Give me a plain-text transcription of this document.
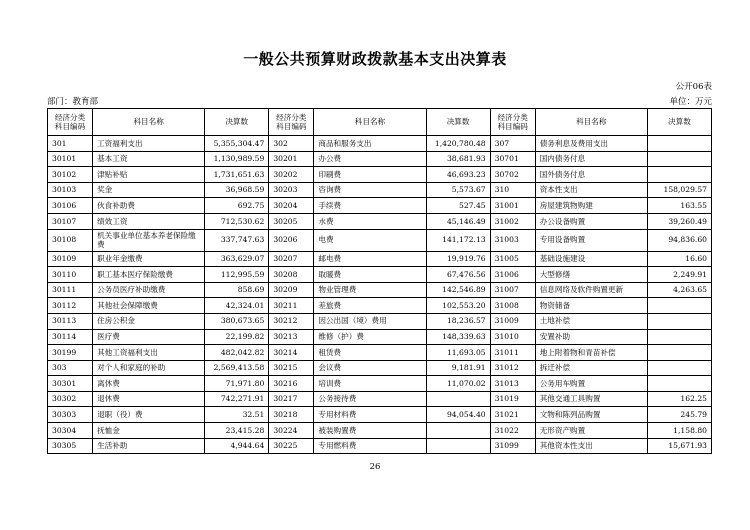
一般公共预算财政拨款基本支出决算表
公开06表
部门：教育部	单位：万元
经济分类
科目编码	科目名称	决算数	经济分类
科目编码	科目名称	决算数	经济分类
科目编码	科目名称	决算数
301	工资福利支出	5,355,304.47	302	商品和服务支出	1,420,780.48	307	债务利息及费用支出	
30101	基本工资	1,130,989.59	30201	办公费	38,681.93	30701	国内债务付息	
30102	津贴补贴	1,731,651.63	30202	印刷费	46,693.23	30702	国外债务付息	
30103	奖金	36,968.59	30203	咨询费	5,573.67	310	资本性支出	158,029.57
30106	伙食补助费	692.75	30204	手续费	527.45	31001	房屋建筑物购建	163.55
30107	绩效工资	712,530.62	30205	水费	45,146.49	31002	办公设备购置	39,260.49
30108	机关事业单位基本养老保险缴费	337,747.63	30206	电费	141,172.13	31003	专用设备购置	94,836.60
30109	职业年金缴费	363,629.07	30207	邮电费	19,919.76	31005	基础设施建设	16.60
30110	职工基本医疗保险缴费	112,995.59	30208	取暖费	67,476.56	31006	大型修缮	2,249.91
30111	公务员医疗补助缴费	858.69	30209	物业管理费	142,546.89	31007	信息网络及软件购置更新	4,263.65
30112	其他社会保障缴费	42,324.01	30211	差旅费	102,553.20	31008	物资储备	
30113	住房公积金	380,673.65	30212	因公出国（境）费用	18,236.57	31009	土地补偿	
30114	医疗费	22,199.82	30213	维修（护）费	148,339.63	31010	安置补助	
30199	其他工资福利支出	482,042.82	30214	租赁费	11,693.05	31011	地上附着物和青苗补偿	
303	对个人和家庭的补助	2,569,413.58	30215	会议费	9,181.91	31012	拆迁补偿	
30301	离休费	71,971.80	30216	培训费	11,070.02	31013	公务用车购置	
30302	退休费	742,271.91	30217	公务接待费		31019	其他交通工具购置	162.25
30303	退职（役）费	32.51	30218	专用材料费	94,054.40	31021	文物和陈列品购置	245.79
30304	抚恤金	23,415.28	30224	被装购置费		31022	无形资产购置	1,158.80
30305	生活补助	4,944.64	30225	专用燃料费		31099	其他资本性支出	15,671.93
26
